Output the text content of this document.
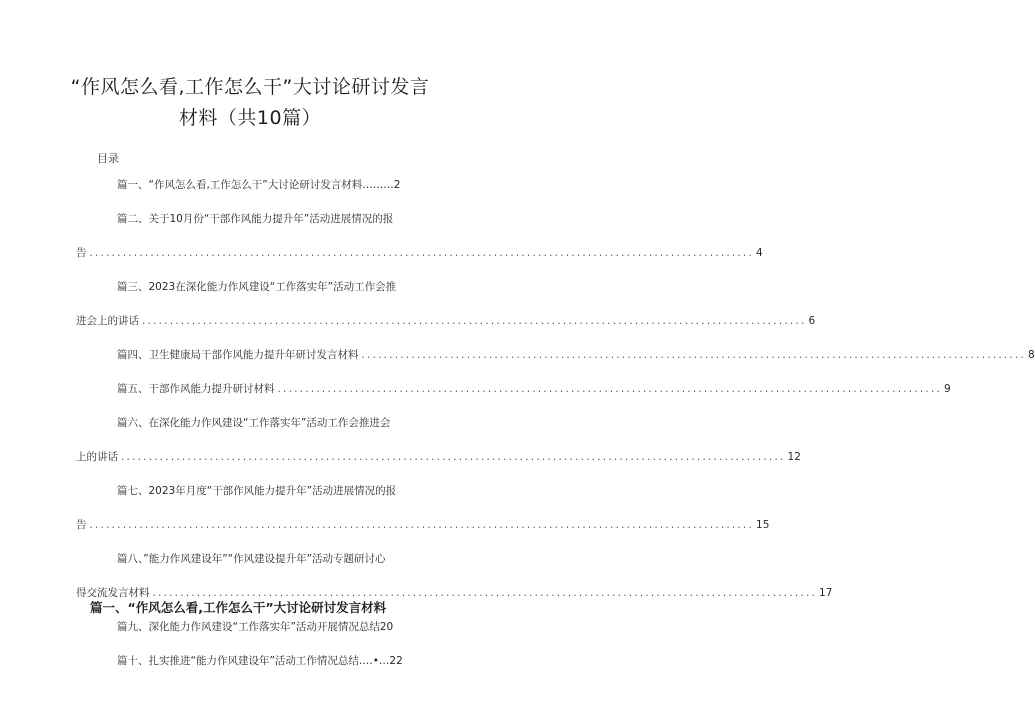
“作风怎么看,工作怎么干”大讨论研讨发言
材料（共10篇）
目录
篇一、“作风怎么看,工作怎么干”大讨论研讨发言材料………2
篇二、关于10月份“干部作风能力提升年”活动进展情况的报
告 ........................................................................................................................ 4
篇三、2023在深化能力作风建设“工作落实年”活动工作会推
进会上的讲话 ........................................................................................................................ 6
篇四、卫生健康局干部作风能力提升年研讨发言材料 ........................................................................................................................ 8
篇五、干部作风能力提升研讨材料 ........................................................................................................................ 9
篇六、在深化能力作风建设“工作落实年”活动工作会推进会
上的讲话 ........................................................................................................................ 12
篇七、2023年月度“干部作风能力提升年”活动进展情况的报
告 ........................................................................................................................ 15
篇八、”能力作风建设年”“作风建设提升年”活动专题研讨心
得交流发言材料 ........................................................................................................................ 17
篇九、深化能力作风建设“工作落实年”活动开展情况总结20
篇十、扎实推进“能力作风建设年”活动工作情况总结.…•…22
篇一、“作风怎么看,工作怎么干”大讨论研讨发言材料
